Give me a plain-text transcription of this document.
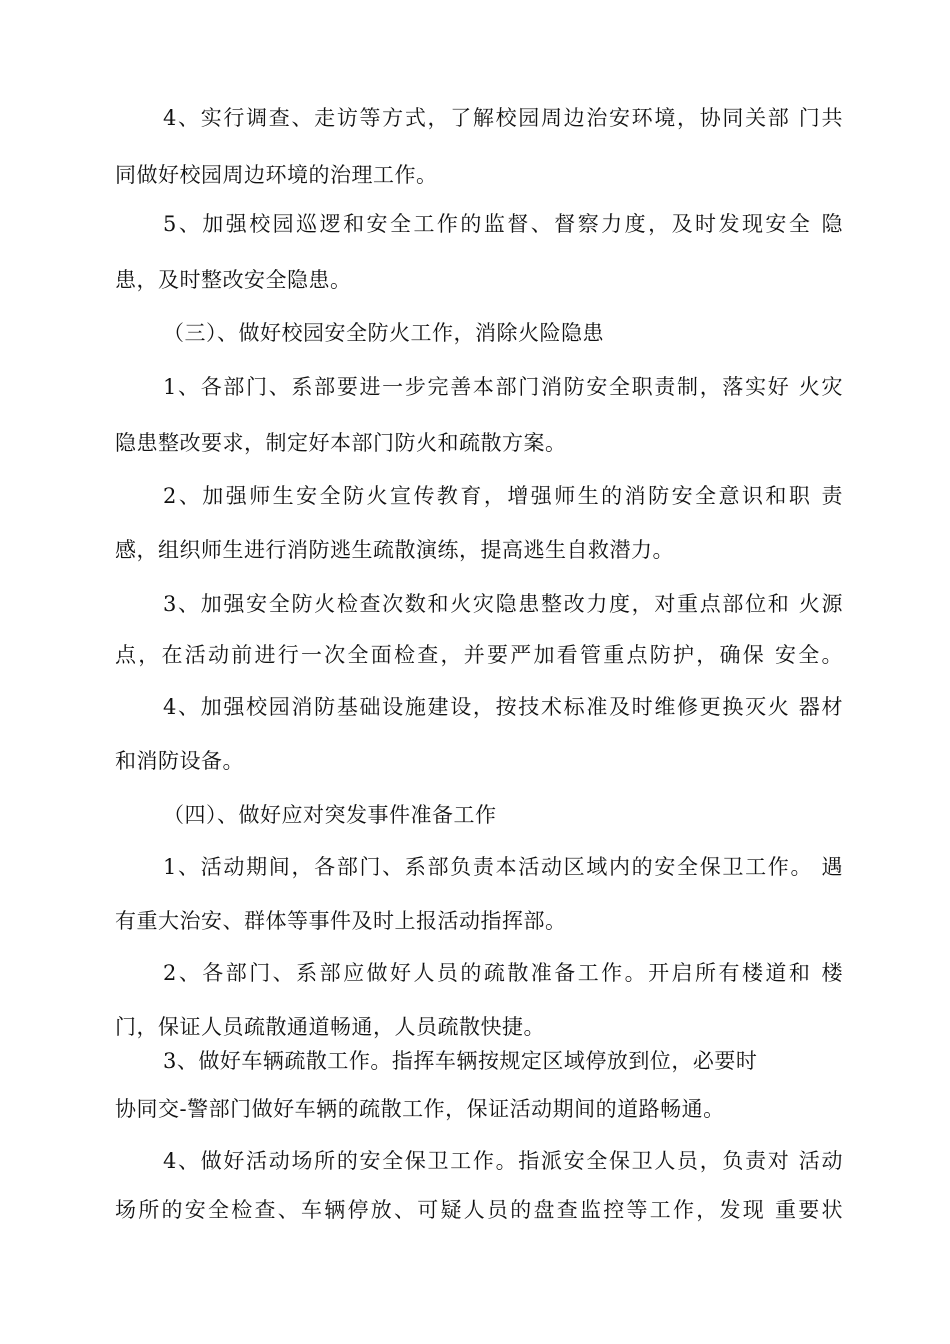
4、实行调查、走访等方式，了解校园周边治安环境，协同关部 门共
同做好校园周边环境的治理工作。
5、加强校园巡逻和安全工作的监督、督察力度，及时发现安全 隐
患，及时整改安全隐患。
（三）、做好校园安全防火工作，消除火险隐患
1、各部门、系部要进一步完善本部门消防安全职责制，落实好 火灾
隐患整改要求，制定好本部门防火和疏散方案。
2、加强师生安全防火宣传教育，增强师生的消防安全意识和职 责
感，组织师生进行消防逃生疏散演练，提高逃生自救潜力。
3、加强安全防火检查次数和火灾隐患整改力度，对重点部位和 火源
点，在活动前进行一次全面检查，并要严加看管重点防护，确保 安全。
4、加强校园消防基础设施建设，按技术标准及时维修更换灭火 器材
和消防设备。
（四）、做好应对突发事件准备工作
1、活动期间，各部门、系部负责本活动区域内的安全保卫工作。 遇
有重大治安、群体等事件及时上报活动指挥部。
2、各部门、系部应做好人员的疏散准备工作。开启所有楼道和 楼
门，保证人员疏散通道畅通，人员疏散快捷。
3、做好车辆疏散工作。指挥车辆按规定区域停放到位，必要时
协同交-警部门做好车辆的疏散工作，保证活动期间的道路畅通。
4、做好活动场所的安全保卫工作。指派安全保卫人员，负责对 活动
场所的安全检查、车辆停放、可疑人员的盘查监控等工作，发现 重要状
